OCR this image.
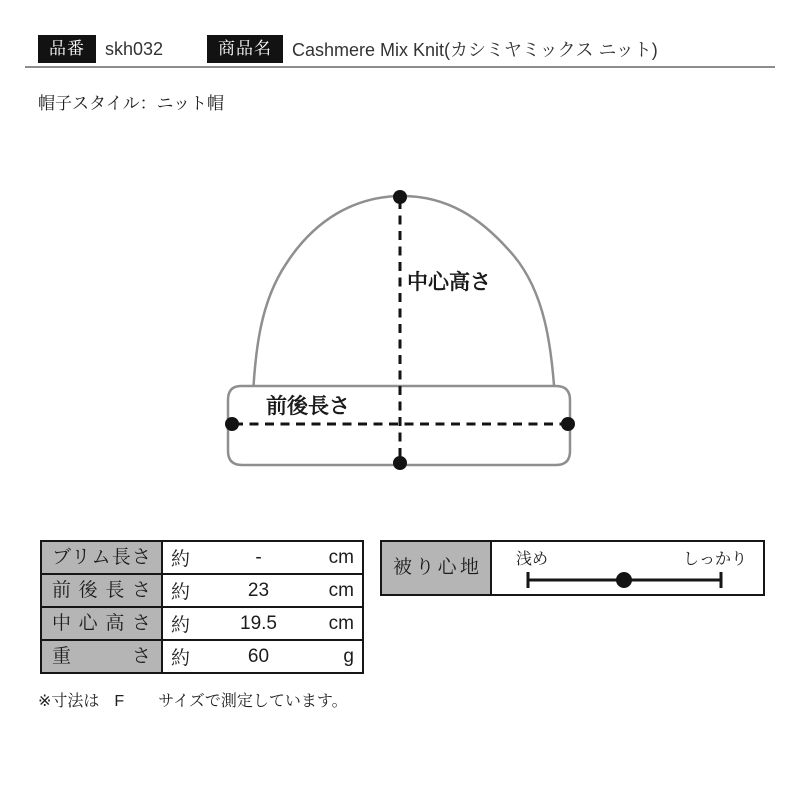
品番	skh032	商品名	Cashmere Mix Knit(カシミヤミックス ニット)
帽子スタイル：ニット帽
中心高さ
前後長さ
ブリム長さ	約	-	cm
前後長さ	約	23	cm
中心高さ	約	19.5	cm
重さ	約	60	g
被り心地	浅め	しっかり
※寸法は F サイズで測定しています。
